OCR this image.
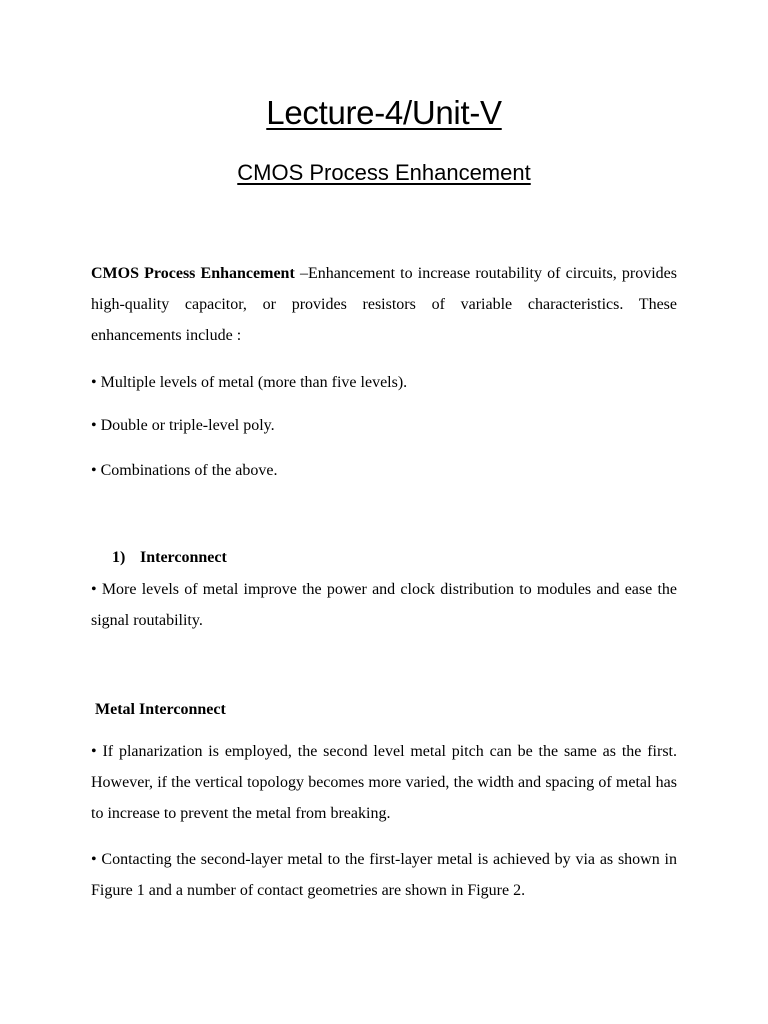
Lecture-4/Unit-V
CMOS Process Enhancement
CMOS Process Enhancement –Enhancement to increase routability of circuits, provides high-quality capacitor, or provides resistors of variable characteristics. These enhancements include :
• Multiple levels of metal (more than five levels).
• Double or triple-level poly.
• Combinations of the above.
1) Interconnect
• More levels of metal improve the power and clock distribution to modules and ease the signal routability.
Metal Interconnect
• If planarization is employed, the second level metal pitch can be the same as the first. However, if the vertical topology becomes more varied, the width and spacing of metal has to increase to prevent the metal from breaking.
• Contacting the second-layer metal to the first-layer metal is achieved by via as shown in Figure 1 and a number of contact geometries are shown in Figure 2.
